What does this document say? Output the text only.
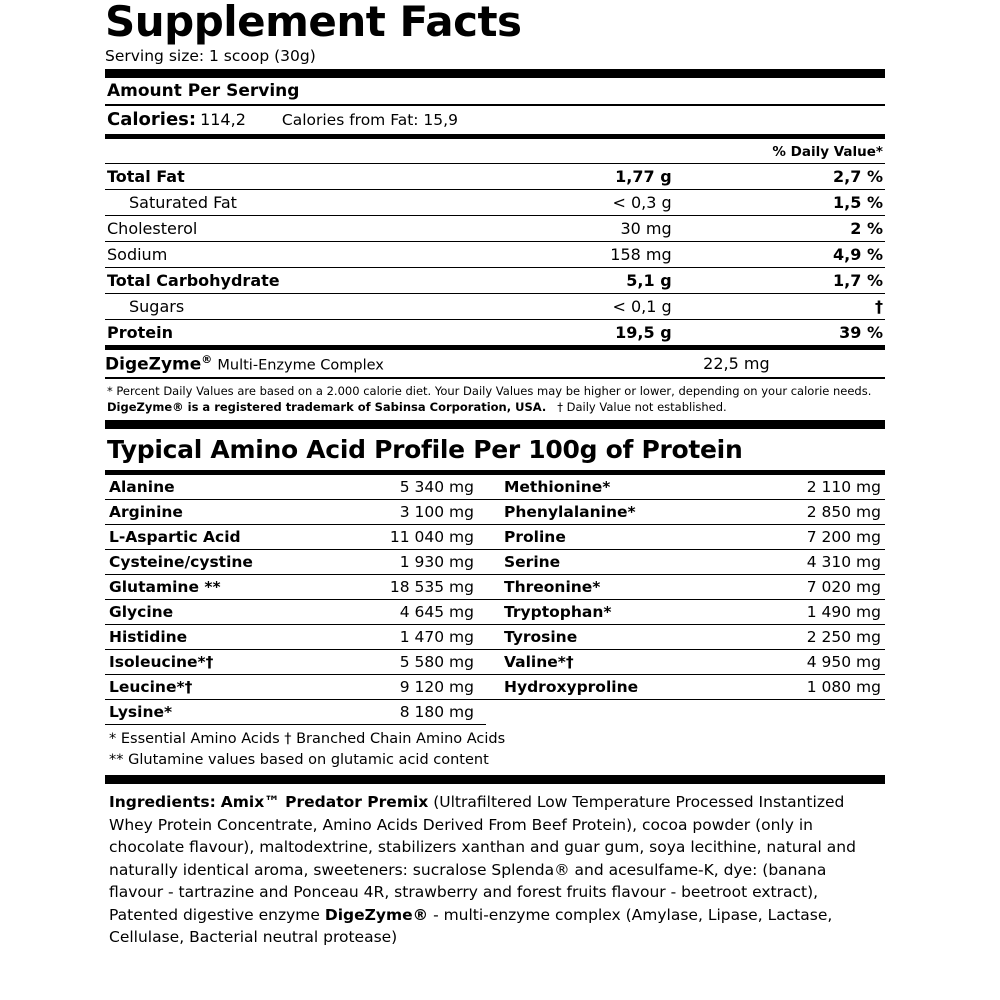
Supplement Facts
Serving size: 1 scoop (30g)
Amount Per Serving
Calories: 114,2 Calories from Fat: 15,9
% Daily Value*
Total Fat	1,77 g	2,7 %
Saturated Fat	< 0,3 g	1,5 %
Cholesterol	30 mg	2 %
Sodium	158 mg	4,9 %
Total Carbohydrate	5,1 g	1,7 %
Sugars	< 0,1 g	†
Protein	19,5 g	39 %
DigeZyme® Multi-Enzyme Complex	22,5 mg	
* Percent Daily Values are based on a 2.000 calorie diet. Your Daily Values may be higher or lower, depending on your calorie needs.
DigeZyme® is a registered trademark of Sabinsa Corporation, USA. † Daily Value not established.
Typical Amino Acid Profile Per 100g of Protein
Alanine	5 340 mg	Methionine*	2 110 mg
Arginine	3 100 mg	Phenylalanine*	2 850 mg
L-Aspartic Acid	11 040 mg	Proline	7 200 mg
Cysteine/cystine	1 930 mg	Serine	4 310 mg
Glutamine **	18 535 mg	Threonine*	7 020 mg
Glycine	4 645 mg	Tryptophan*	1 490 mg
Histidine	1 470 mg	Tyrosine	2 250 mg
Isoleucine*†	5 580 mg	Valine*†	4 950 mg
Leucine*†	9 120 mg	Hydroxyproline	1 080 mg
Lysine*	8 180 mg		
* Essential Amino Acids † Branched Chain Amino Acids
** Glutamine values based on glutamic acid content
Ingredients: Amix™ Predator Premix (Ultrafiltered Low Temperature Processed Instantized Whey Protein Concentrate, Amino Acids Derived From Beef Protein), cocoa powder (only in chocolate flavour), maltodextrine, stabilizers xanthan and guar gum, soya lecithine, natural and naturally identical aroma, sweeteners: sucralose Splenda® and acesulfame-K, dye: (banana flavour - tartrazine and Ponceau 4R, strawberry and forest fruits flavour - beetroot extract), Patented digestive enzyme DigeZyme® - multi-enzyme complex (Amylase, Lipase, Lactase, Cellulase, Bacterial neutral protease)
